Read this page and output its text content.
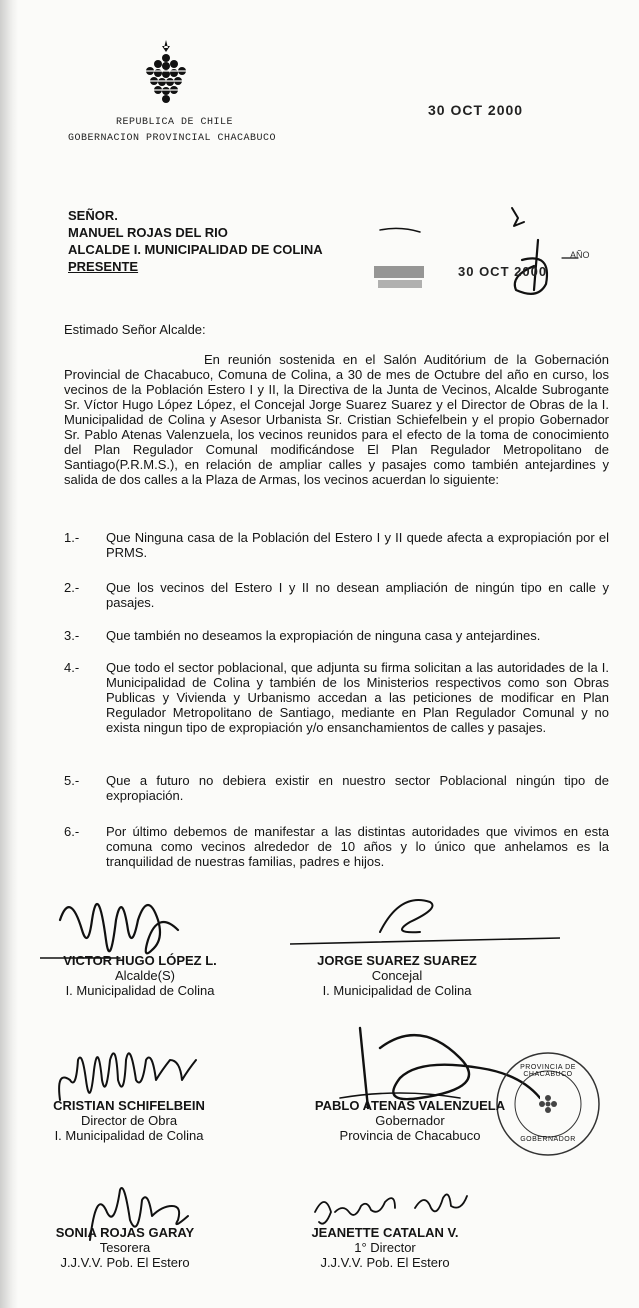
REPUBLICA DE CHILE
GOBERNACION PROVINCIAL CHACABUCO
30 OCT 2000
SEÑOR.
MANUEL ROJAS DEL RIO
ALCALDE I. MUNICIPALIDAD DE COLINA
PRESENTE	30 OCT 2000
AÑO
Estimado Señor Alcalde:
En reunión sostenida en el Salón Auditórium de la Gobernación Provincial de Chacabuco, Comuna de Colina, a 30 de mes de Octubre del año en curso, los vecinos de la Población Estero I y II, la Directiva de la Junta de Vecinos, Alcalde Subrogante Sr. Víctor Hugo López López, el Concejal Jorge Suarez Suarez y el Director de Obras de la I. Municipalidad de Colina y Asesor Urbanista Sr. Cristian Schiefelbein y el propio Gobernador Sr. Pablo Atenas Valenzuela, los vecinos reunidos para el efecto de la toma de conocimiento del Plan Regulador Comunal modificándose El Plan Regulador Metropolitano de Santiago(P.R.M.S.), en relación de ampliar calles y pasajes como también antejardines y salida de dos calles a la Plaza de Armas, los vecinos acuerdan lo siguiente:
1.-	Que Ninguna casa de la Población del Estero I y II quede afecta a expropiación por el PRMS.
2.-	Que los vecinos del Estero I y II no desean ampliación de ningún tipo en calle y pasajes.
3.-	Que también no deseamos la expropiación de ninguna casa y antejardines.
4.-	Que todo el sector poblacional, que adjunta su firma solicitan a las autoridades de la I. Municipalidad de Colina y también de los Ministerios respectivos como son Obras Publicas y Vivienda y Urbanismo accedan a las peticiones de modificar en Plan Regulador Metropolitano de Santiago, mediante en Plan Regulador Comunal y no exista ningun tipo de expropiación y/o ensanchamientos de calles y pasajes.
5.-	Que a futuro no debiera existir en nuestro sector Poblacional ningún tipo de expropiación.
6.-	Por último debemos de manifestar a las distintas autoridades que vivimos en esta comuna como vecinos alrededor de 10 años y lo único que anhelamos es la tranquilidad de nuestras familias, padres e hijos.
PROVINCIA DE CHACABUCO
GOBERNADOR
VICTOR HUGO LÓPEZ L.
Alcalde(S)
I. Municipalidad de Colina
JORGE SUAREZ SUAREZ
Concejal
I. Municipalidad de Colina
CRISTIAN SCHIFELBEIN
Director de Obra
I. Municipalidad de Colina
PABLO ATENAS VALENZUELA
Gobernador
Provincia de Chacabuco
SONIA ROJAS GARAY
Tesorera
J.J.V.V. Pob. El Estero
JEANETTE CATALAN V.
1° Director
J.J.V.V. Pob. El Estero
